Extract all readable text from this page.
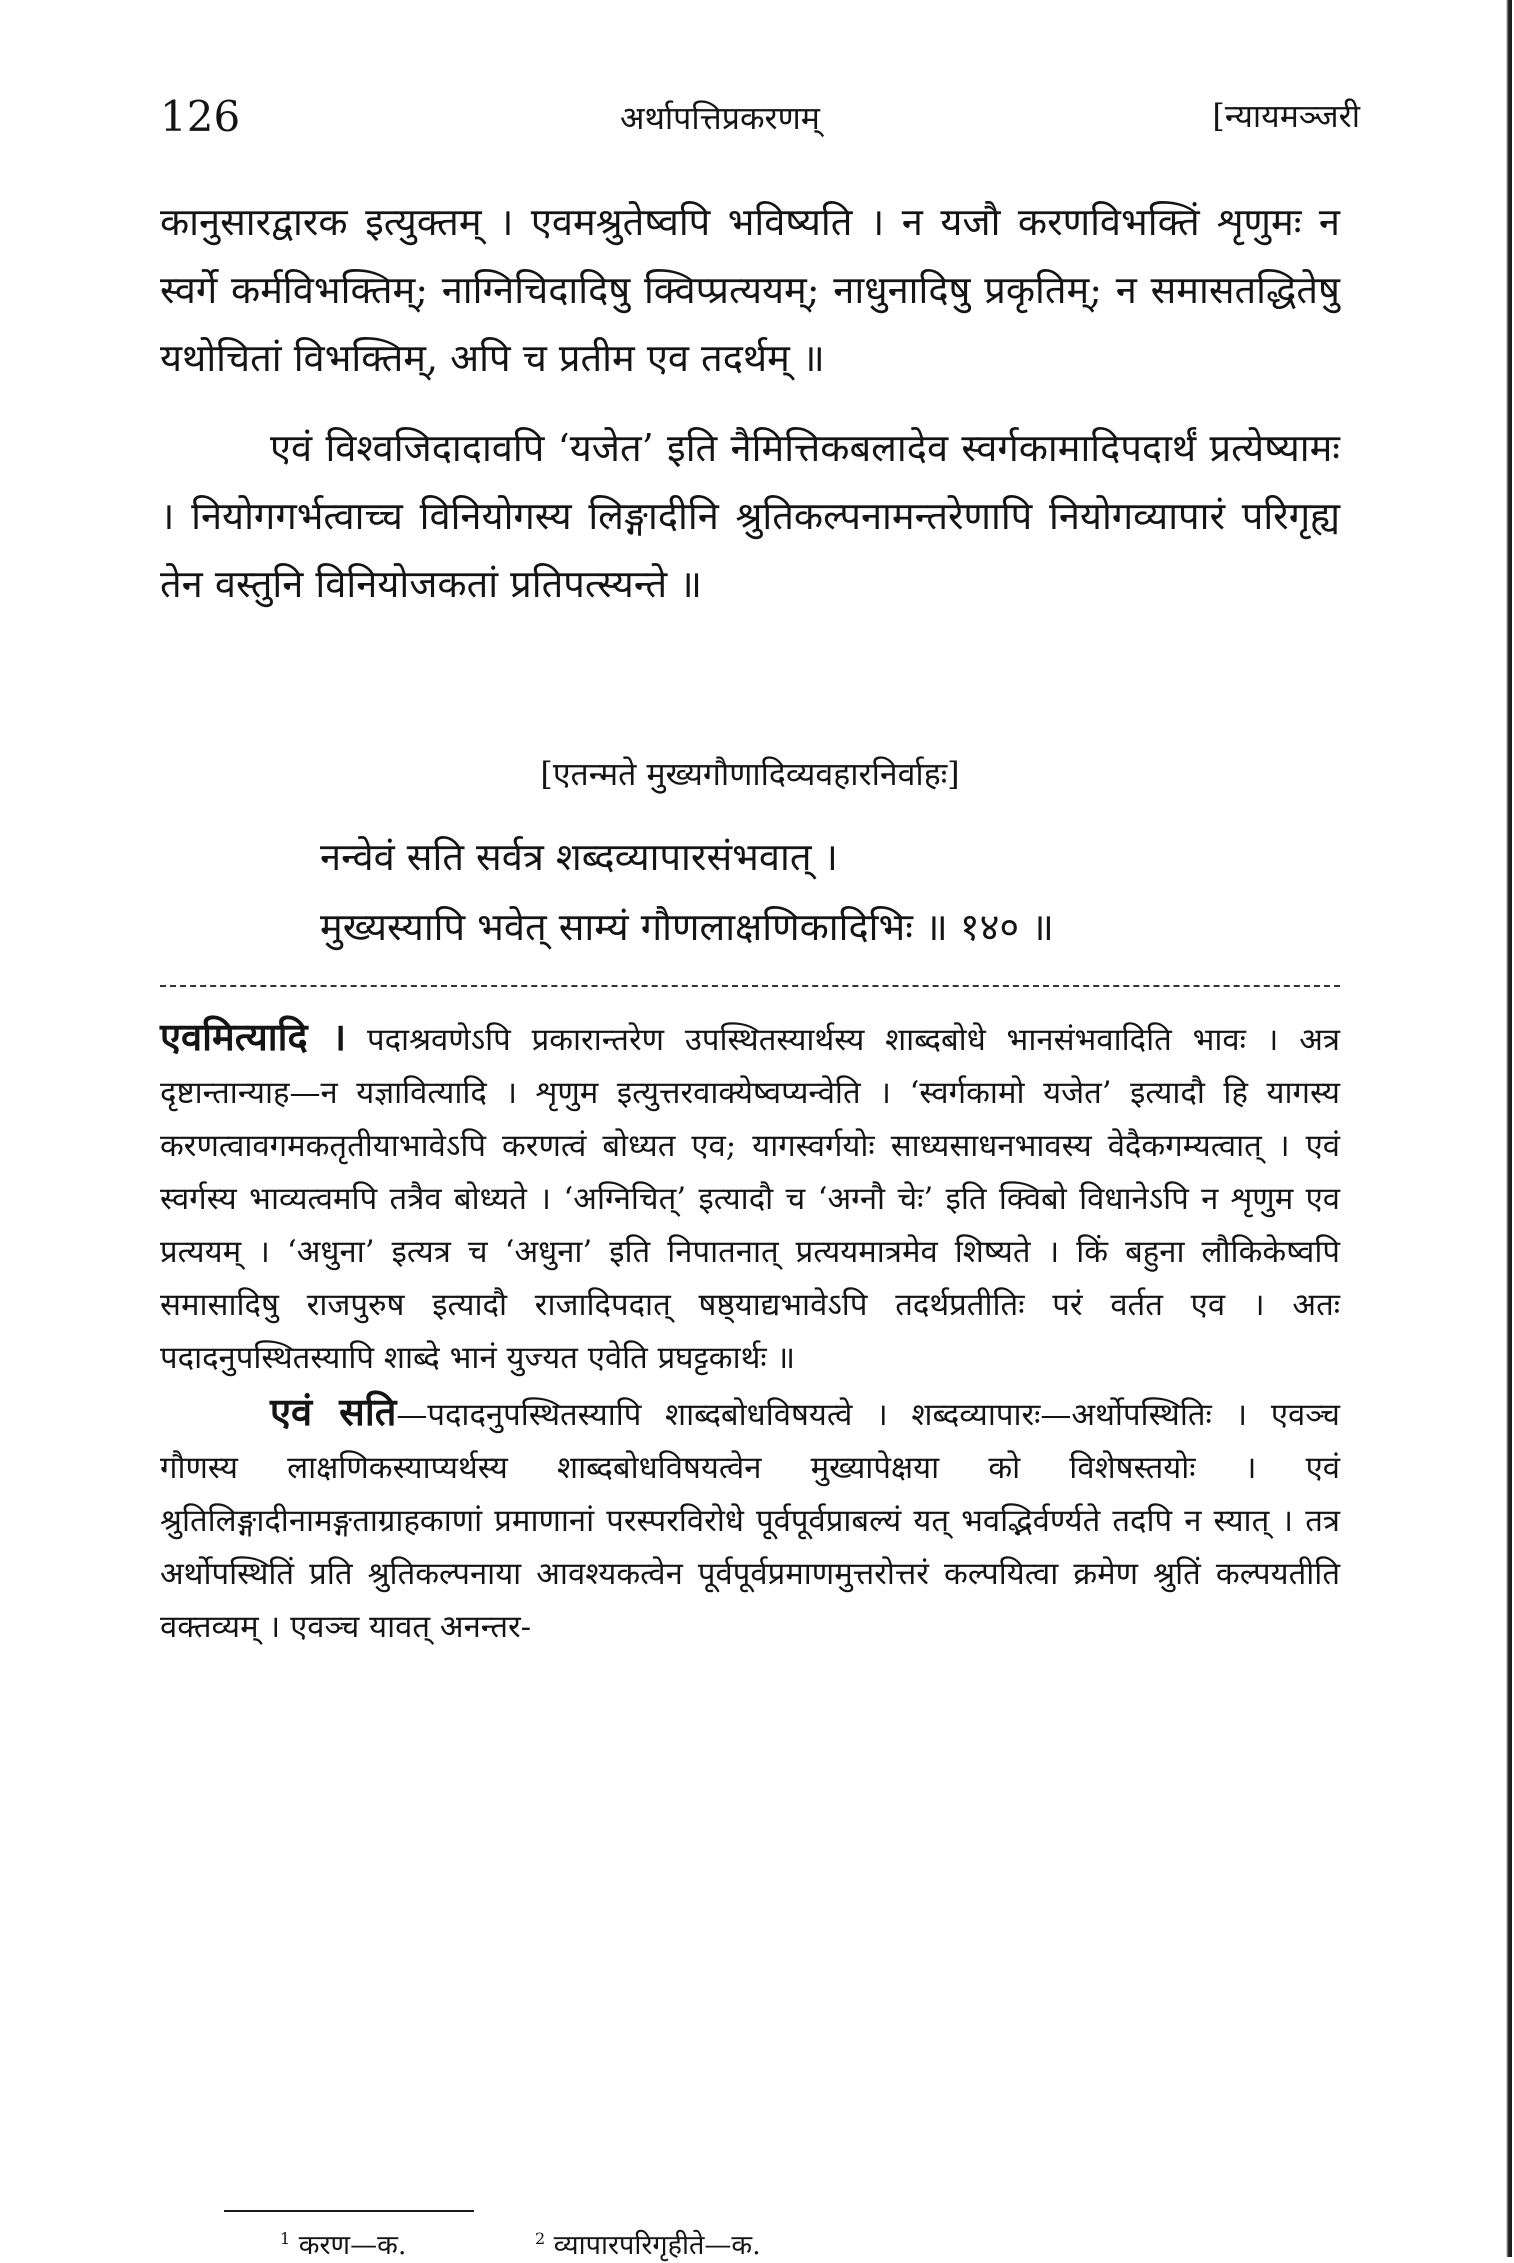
126	अर्थापत्तिप्रकरणम्	[न्यायमञ्जरी

कानुसारद्वारक इत्युक्तम् । एवमश्रुतेष्वपि भविष्यति । न यजौ करणविभक्तिं शृणुमः न स्वर्गे कर्मविभक्तिम्; नाग्निचिदादिषु क्विप्प्रत्ययम्; नाधुनादिषु प्रकृतिम्; न समासतद्धितेषु यथोचितां विभक्तिम्, अपि च प्रतीम एव तदर्थम् ॥

एवं विश्वजिदादावपि ‘यजेत’ इति नैमित्तिकबलादेव स्वर्गकामादिपदार्थं प्रत्येष्यामः । नियोगगर्भत्वाच्च विनियोगस्य लिङ्गादीनि श्रुतिकल्पनामन्तरेणापि नियोगव्यापारं परिगृह्य तेन वस्तुनि विनियोजकतां प्रतिपत्स्यन्ते ॥

[एतन्मते मुख्यगौणादिव्यवहारनिर्वाहः]
नन्वेवं सति सर्वत्र शब्दव्यापारसंभवात् ।
मुख्यस्यापि भवेत् साम्यं गौणलाक्षणिकादिभिः ॥ १४० ॥

एवमित्यादि । पदाश्रवणेऽपि प्रकारान्तरेण उपस्थितस्यार्थस्य शाब्दबोधे भानसंभवादिति भावः । अत्र दृष्टान्तान्याह—न यज्ञावित्यादि । शृणुम इत्युत्तरवाक्येष्वप्यन्वेति । ‘स्वर्गकामो यजेत’ इत्यादौ हि यागस्य करणत्वावगमकतृतीयाभावेऽपि करणत्वं बोध्यत एव; यागस्वर्गयोः साध्यसाधनभावस्य वेदैकगम्यत्वात् । एवं स्वर्गस्य भाव्यत्वमपि तत्रैव बोध्यते । ‘अग्निचित्’ इत्यादौ च ‘अग्नौ चेः’ इति क्विबो विधानेऽपि न शृणुम एव प्रत्ययम् । ‘अधुना’ इत्यत्र च ‘अधुना’ इति निपातनात् प्रत्ययमात्रमेव शिष्यते । किं बहुना लौकिकेष्वपि समासादिषु राजपुरुष इत्यादौ राजादिपदात् षष्ठ्याद्यभावेऽपि तदर्थप्रतीतिः परं वर्तत एव । अतः पदादनुपस्थितस्यापि शाब्दे भानं युज्यत एवेति प्रघट्टकार्थः ॥

एवं सति—पदादनुपस्थितस्यापि शाब्दबोधविषयत्वे । शब्दव्यापारः—अर्थोपस्थितिः । एवञ्च गौणस्य लाक्षणिकस्याप्यर्थस्य शाब्दबोधविषयत्वेन मुख्यापेक्षया को विशेषस्तयोः । एवं श्रुतिलिङ्गादीनामङ्गताग्राहकाणां प्रमाणानां परस्परविरोधे पूर्वपूर्वप्राबल्यं यत् भवद्भिर्वर्ण्यते तदपि न स्यात् । तत्र अर्थोपस्थितिं प्रति श्रुतिकल्पनाया आवश्यकत्वेन पूर्वपूर्वप्रमाणमुत्तरोत्तरं कल्पयित्वा क्रमेण श्रुतिं कल्पयतीति वक्तव्यम् । एवञ्च यावत् अनन्तर-

$^1$ करण—क.	$^2$ व्यापारपरिगृहीते—क.
